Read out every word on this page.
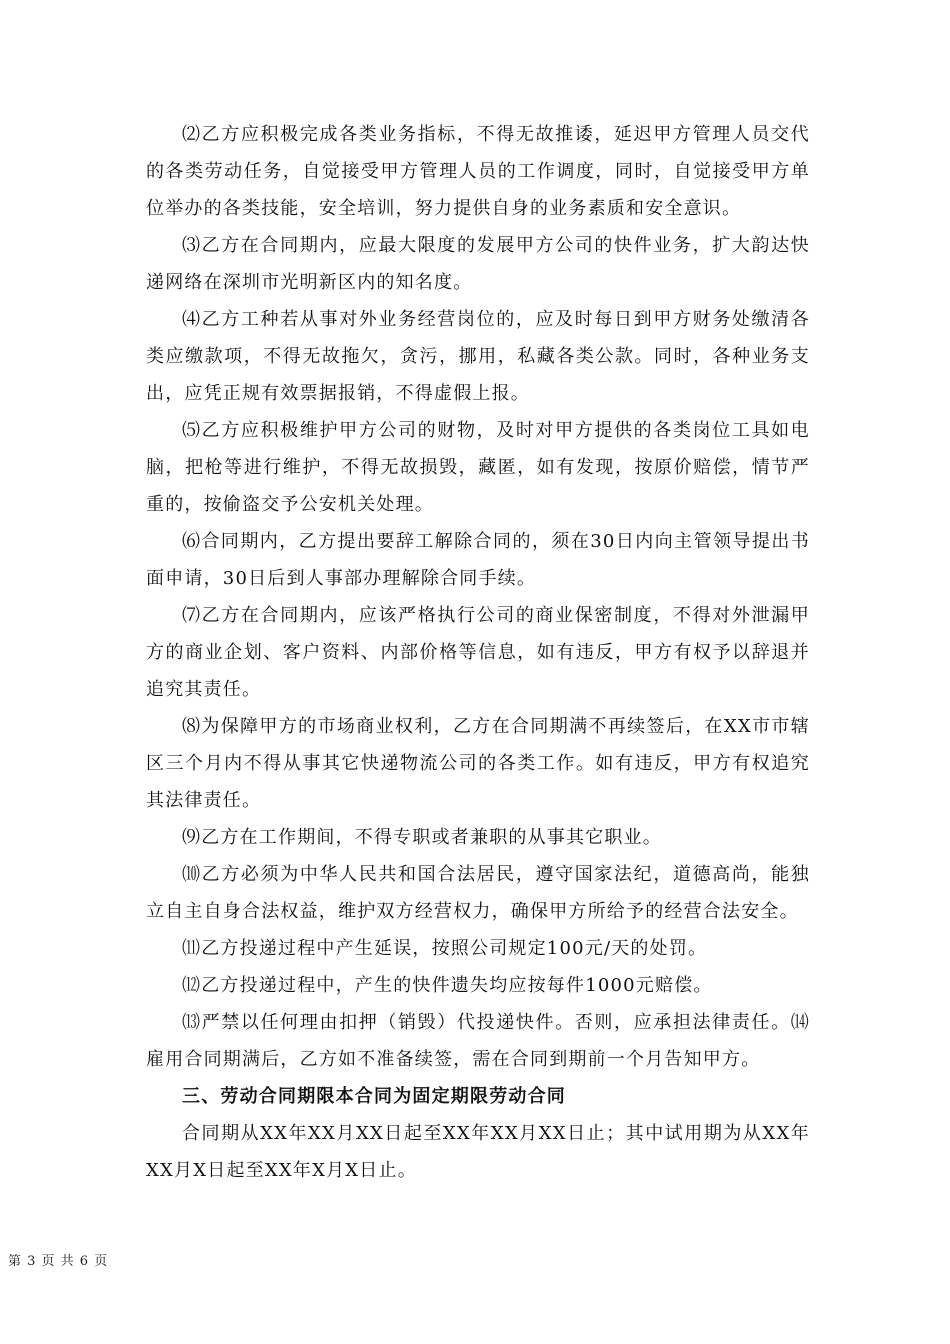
⑵乙方应积极完成各类业务指标，不得无故推诿，延迟甲方管理人员交代的各类劳动任务，自觉接受甲方管理人员的工作调度，同时，自觉接受甲方单位举办的各类技能，安全培训，努力提供自身的业务素质和安全意识。

⑶乙方在合同期内，应最大限度的发展甲方公司的快件业务，扩大韵达快递网络在深圳市光明新区内的知名度。

⑷乙方工种若从事对外业务经营岗位的，应及时每日到甲方财务处缴清各类应缴款项，不得无故拖欠，贪污，挪用，私藏各类公款。同时，各种业务支出，应凭正规有效票据报销，不得虚假上报。

⑸乙方应积极维护甲方公司的财物，及时对甲方提供的各类岗位工具如电脑，把枪等进行维护，不得无故损毁，藏匿，如有发现，按原价赔偿，情节严重的，按偷盗交予公安机关处理。

⑹合同期内，乙方提出要辞工解除合同的，须在30日内向主管领导提出书面申请，30日后到人事部办理解除合同手续。

⑺乙方在合同期内，应该严格执行公司的商业保密制度，不得对外泄漏甲方的商业企划、客户资料、内部价格等信息，如有违反，甲方有权予以辞退并追究其责任。

⑻为保障甲方的市场商业权利，乙方在合同期满不再续签后，在XX市市辖区三个月内不得从事其它快递物流公司的各类工作。如有违反，甲方有权追究其法律责任。

⑼乙方在工作期间，不得专职或者兼职的从事其它职业。

⑽乙方必须为中华人民共和国合法居民，遵守国家法纪，道德高尚，能独立自主自身合法权益，维护双方经营权力，确保甲方所给予的经营合法安全。

⑾乙方投递过程中产生延误，按照公司规定100元/天的处罚。

⑿乙方投递过程中，产生的快件遗失均应按每件1000元赔偿。

⒀严禁以任何理由扣押（销毁）代投递快件。否则，应承担法律责任。⒁雇用合同期满后，乙方如不准备续签，需在合同到期前一个月告知甲方。

三、劳动合同期限本合同为固定期限劳动合同

合同期从XX年XX月XX日起至XX年XX月XX日止；其中试用期为从XX年XX月X日起至XX年X月X日止。

第 3 页 共 6 页
